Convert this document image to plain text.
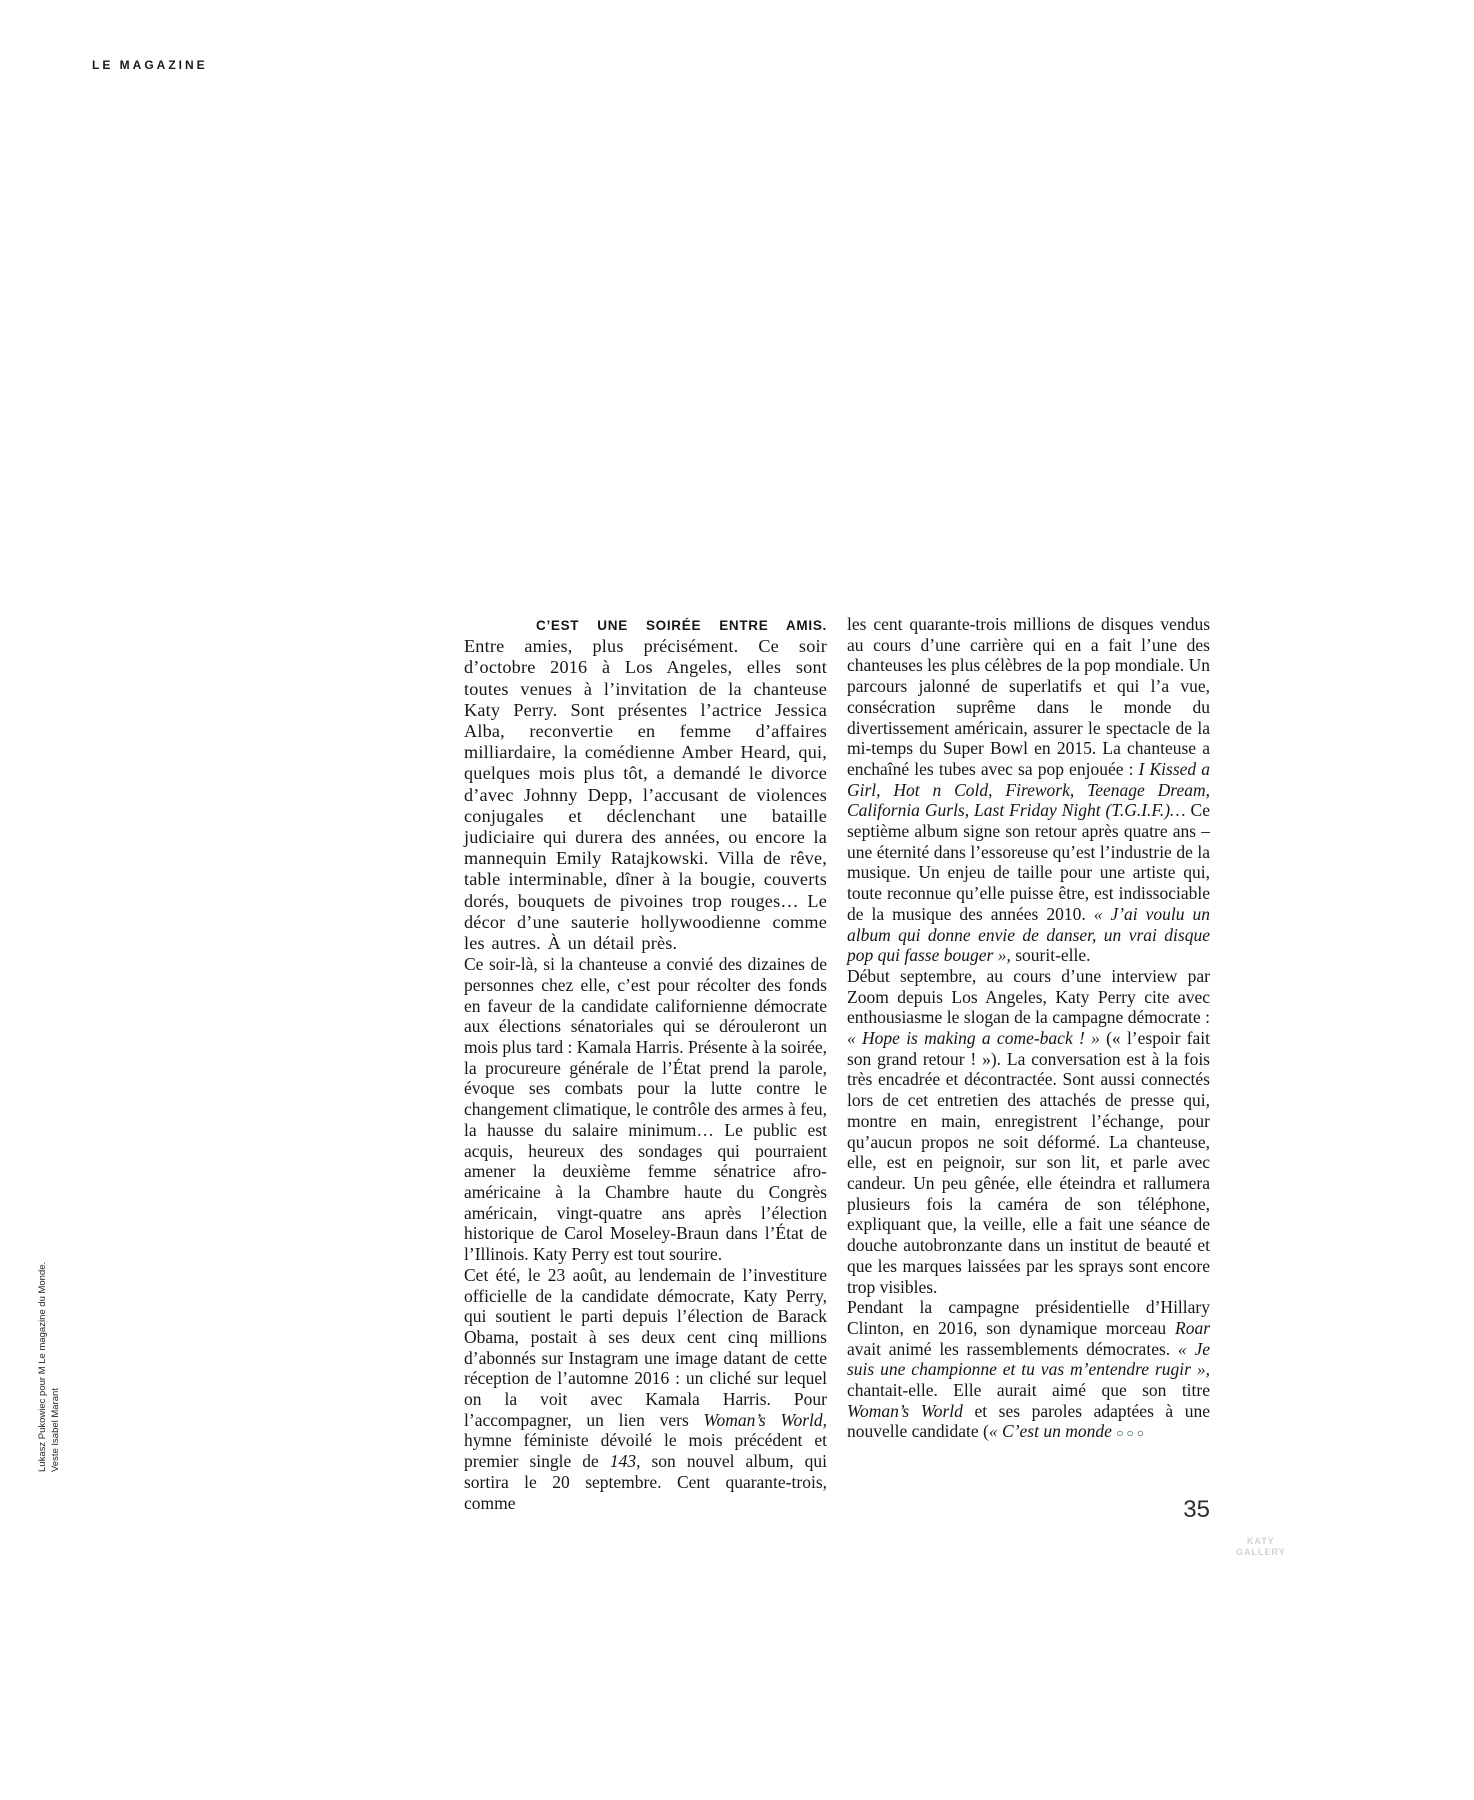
LE MAGAZINE
Lukasz Pukowiec pour M Le magazine du Monde. Veste Isabel Marant

C’EST UNE SOIRÉE ENTRE AMIS. Entre amies, plus précisément. Ce soir d’octobre 2016 à Los Angeles, elles sont toutes venues à l’invitation de la chanteuse Katy Perry. Sont présentes l’actrice Jessica Alba, reconvertie en femme d’affaires milliardaire, la comédienne Amber Heard, qui, quelques mois plus tôt, a demandé le divorce d’avec Johnny Depp, l’accusant de violences conjugales et déclenchant une bataille judiciaire qui durera des années, ou encore la mannequin Emily Ratajkowski. Villa de rêve, table interminable, dîner à la bougie, couverts dorés, bouquets de pivoines trop rouges… Le décor d’une sauterie hollywoodienne comme les autres. À un détail près.

Ce soir-là, si la chanteuse a convié des dizaines de personnes chez elle, c’est pour récolter des fonds en faveur de la candidate californienne démocrate aux élections sénatoriales qui se dérouleront un mois plus tard : Kamala Harris. Présente à la soirée, la procureure générale de l’État prend la parole, évoque ses combats pour la lutte contre le changement climatique, le contrôle des armes à feu, la hausse du salaire minimum… Le public est acquis, heureux des sondages qui pourraient amener la deuxième femme sénatrice afro-américaine à la Chambre haute du Congrès américain, vingt-quatre ans après l’élection historique de Carol Moseley-Braun dans l’État de l’Illinois. Katy Perry est tout sourire.

Cet été, le 23 août, au lendemain de l’investiture officielle de la candidate démocrate, Katy Perry, qui soutient le parti depuis l’élection de Barack Obama, postait à ses deux cent cinq millions d’abonnés sur Instagram une image datant de cette réception de l’automne 2016 : un cliché sur lequel on la voit avec Kamala Harris. Pour l’accompagner, un lien vers Woman’s World, hymne féministe dévoilé le mois précédent et premier single de 143, son nouvel album, qui sortira le 20 septembre. Cent quarante-trois, comme

les cent quarante-trois millions de disques vendus au cours d’une carrière qui en a fait l’une des chanteuses les plus célèbres de la pop mondiale. Un parcours jalonné de superlatifs et qui l’a vue, consécration suprême dans le monde du divertissement américain, assurer le spectacle de la mi-temps du Super Bowl en 2015. La chanteuse a enchaîné les tubes avec sa pop enjouée : I Kissed a Girl, Hot n Cold, Firework, Teenage Dream, California Gurls, Last Friday Night (T.G.I.F.)… Ce septième album signe son retour après quatre ans – une éternité dans l’essoreuse qu’est l’industrie de la musique. Un enjeu de taille pour une artiste qui, toute reconnue qu’elle puisse être, est indissociable de la musique des années 2010. « J’ai voulu un album qui donne envie de danser, un vrai disque pop qui fasse bouger », sourit-elle.

Début septembre, au cours d’une interview par Zoom depuis Los Angeles, Katy Perry cite avec enthousiasme le slogan de la campagne démocrate : « Hope is making a come-back ! » (« l’espoir fait son grand retour ! »). La conversation est à la fois très encadrée et décontractée. Sont aussi connectés lors de cet entretien des attachés de presse qui, montre en main, enregistrent l’échange, pour qu’aucun propos ne soit déformé. La chanteuse, elle, est en peignoir, sur son lit, et parle avec candeur. Un peu gênée, elle éteindra et rallumera plusieurs fois la caméra de son téléphone, expliquant que, la veille, elle a fait une séance de douche autobronzante dans un institut de beauté et que les marques laissées par les sprays sont encore trop visibles.

Pendant la campagne présidentielle d’Hillary Clinton, en 2016, son dynamique morceau Roar avait animé les rassemblements démocrates. « Je suis une championne et tu vas m’entendre rugir », chantait-elle. Elle aurait aimé que son titre Woman’s World et ses paroles adaptées à une nouvelle candidate (« C’est un monde ○○○

35
KATY
GALLERY
